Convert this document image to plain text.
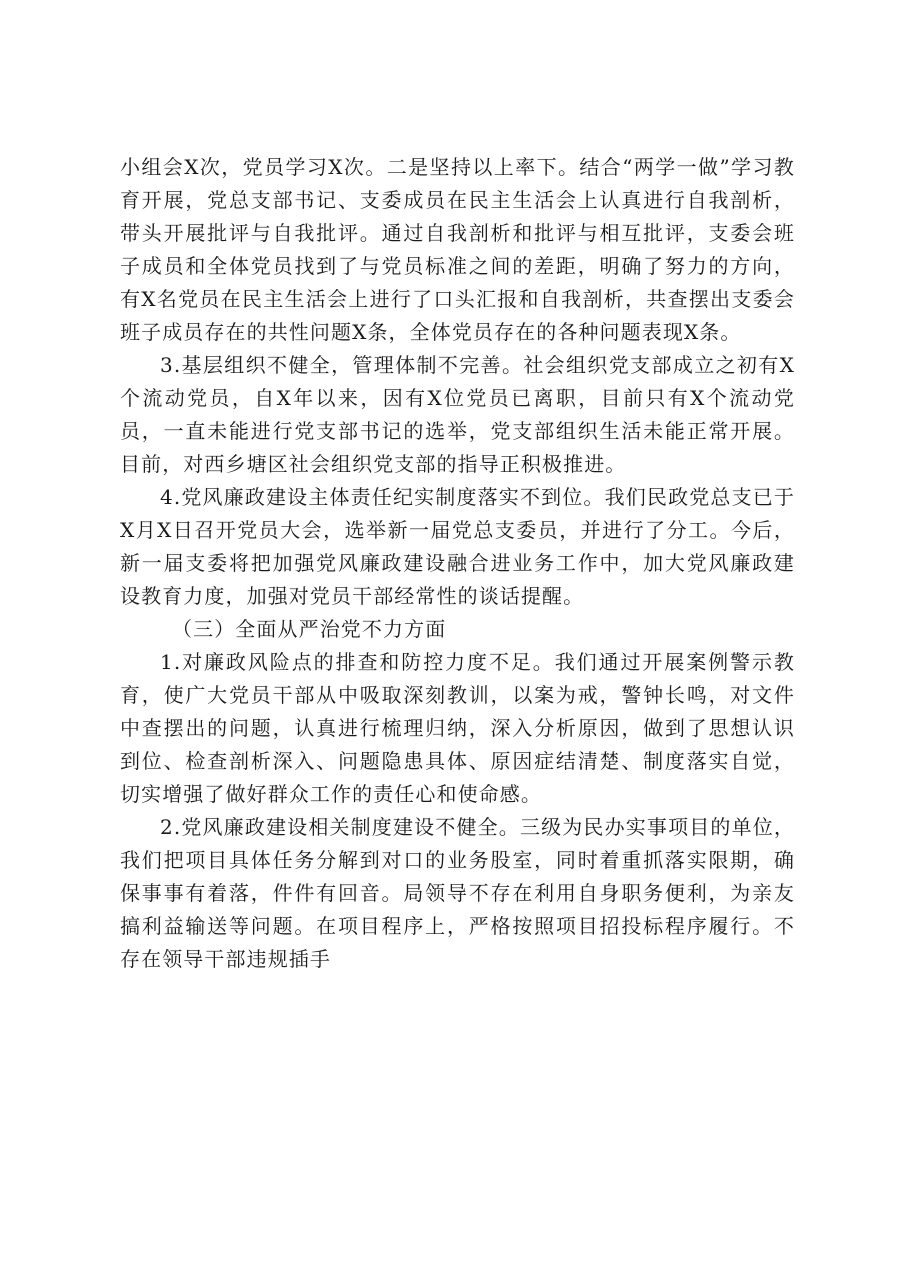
小组会X次，党员学习X次。二是坚持以上率下。结合“两学一做”学习教育开展，党总支部书记、支委成员在民主生活会上认真进行自我剖析，带头开展批评与自我批评。通过自我剖析和批评与相互批评，支委会班子成员和全体党员找到了与党员标准之间的差距，明确了努力的方向，有X名党员在民主生活会上进行了口头汇报和自我剖析，共查摆出支委会班子成员存在的共性问题X条，全体党员存在的各种问题表现X条。

3.基层组织不健全，管理体制不完善。社会组织党支部成立之初有X个流动党员，自X年以来，因有X位党员已离职，目前只有X个流动党员，一直未能进行党支部书记的选举，党支部组织生活未能正常开展。目前，对西乡塘区社会组织党支部的指导正积极推进。

4.党风廉政建设主体责任纪实制度落实不到位。我们民政党总支已于X月X日召开党员大会，选举新一届党总支委员，并进行了分工。今后，新一届支委将把加强党风廉政建设融合进业务工作中，加大党风廉政建设教育力度，加强对党员干部经常性的谈话提醒。

（三）全面从严治党不力方面

1.对廉政风险点的排查和防控力度不足。我们通过开展案例警示教育，使广大党员干部从中吸取深刻教训，以案为戒，警钟长鸣，对文件中查摆出的问题，认真进行梳理归纳，深入分析原因，做到了思想认识到位、检查剖析深入、问题隐患具体、原因症结清楚、制度落实自觉，切实增强了做好群众工作的责任心和使命感。

2.党风廉政建设相关制度建设不健全。三级为民办实事项目的单位，我们把项目具体任务分解到对口的业务股室，同时着重抓落实限期，确保事事有着落，件件有回音。局领导不存在利用自身职务便利，为亲友搞利益输送等问题。在项目程序上，严格按照项目招投标程序履行。不存在领导干部违规插手
